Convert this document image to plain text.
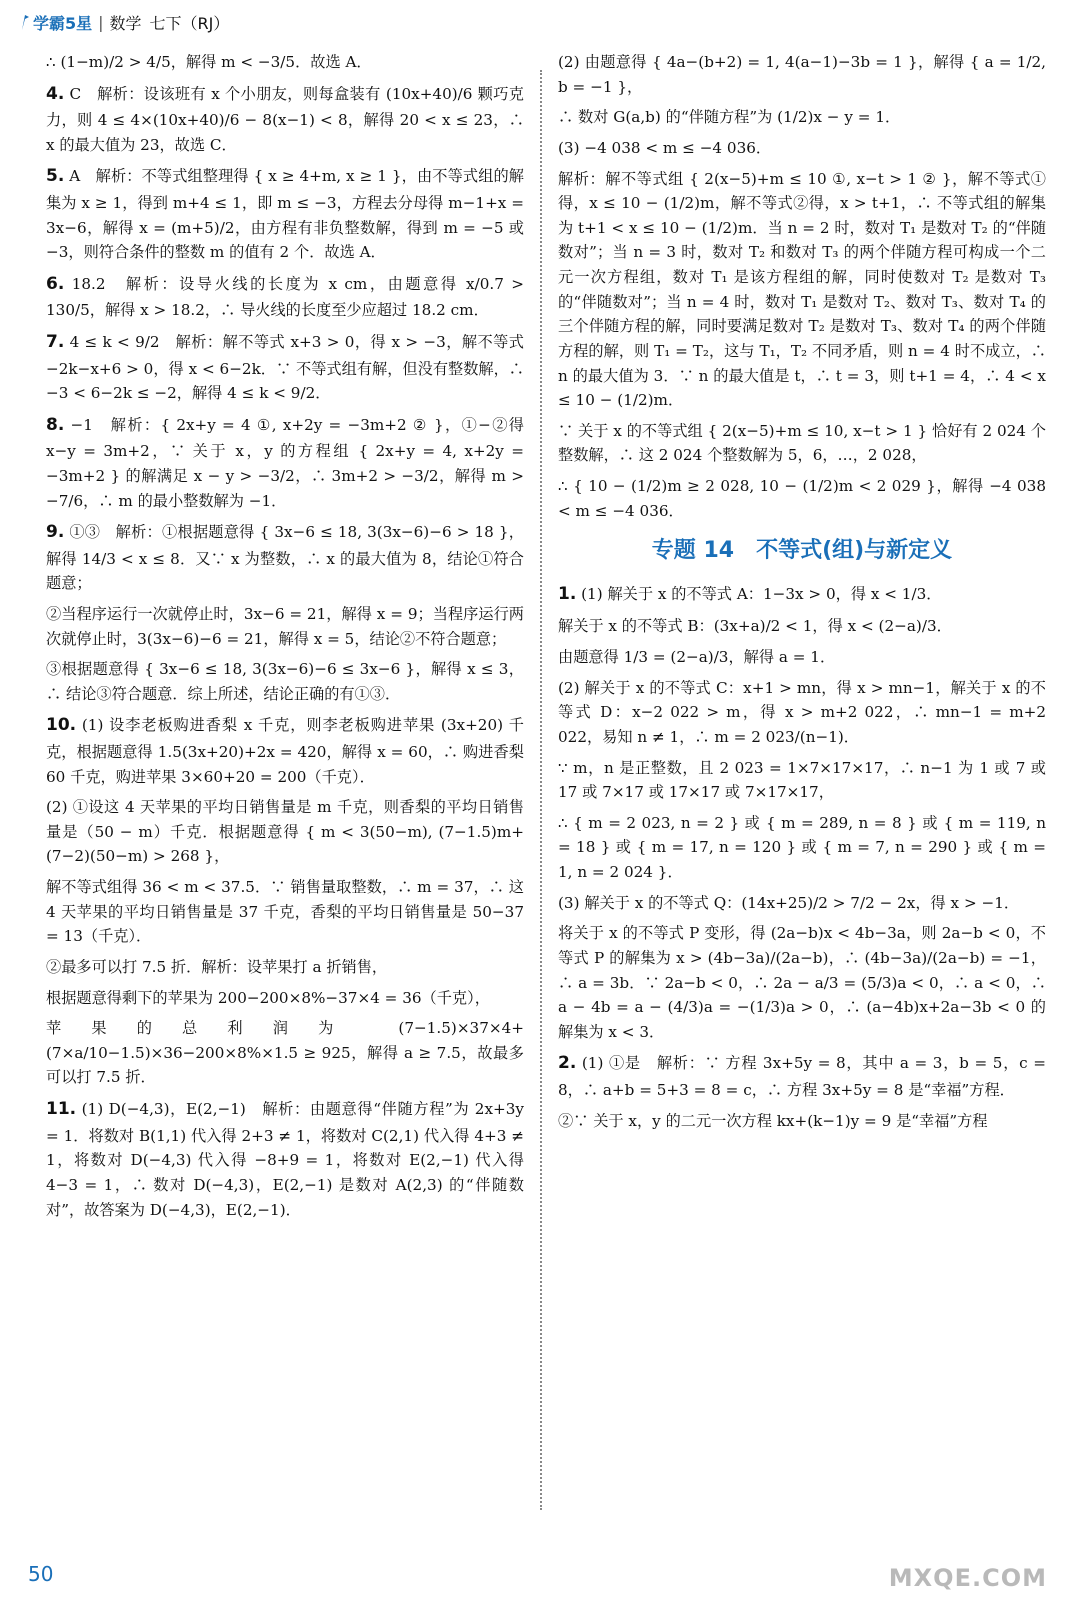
学霸5星 | 数学 七下（RJ）

∴ (1−m)/2 > 4/5，解得 m < −3/5．故选 A．

4. C　解析：设该班有 x 个小朋友，则每盒装有 (10x+40)/6 颗巧克力，则 4 ≤ 4×(10x+40)/6 − 8(x−1) < 8，解得 20 < x ≤ 23，∴ x 的最大值为 23，故选 C．

5. A　解析：不等式组整理得 { x ≥ 4+m, x ≥ 1 }，由不等式组的解集为 x ≥ 1，得到 m+4 ≤ 1，即 m ≤ −3，方程去分母得 m−1+x = 3x−6，解得 x = (m+5)/2，由方程有非负整数解，得到 m = −5 或 −3，则符合条件的整数 m 的值有 2 个．故选 A．

6. 18.2　解析：设导火线的长度为 x cm，由题意得 x/0.7 > 130/5，解得 x > 18.2，∴ 导火线的长度至少应超过 18.2 cm．

7. 4 ≤ k < 9/2　解析：解不等式 x+3 > 0，得 x > −3，解不等式 −2k−x+6 > 0，得 x < 6−2k．∵ 不等式组有解，但没有整数解，∴ −3 < 6−2k ≤ −2，解得 4 ≤ k < 9/2．

8. −1　解析：{ 2x+y = 4 ①, x+2y = −3m+2 ② }，①−②得 x−y = 3m+2，∵ 关于 x，y 的方程组 { 2x+y = 4, x+2y = −3m+2 } 的解满足 x − y > −3/2，∴ 3m+2 > −3/2，解得 m > −7/6，∴ m 的最小整数解为 −1．

9. ①③　解析：①根据题意得 { 3x−6 ≤ 18, 3(3x−6)−6 > 18 }，解得 14/3 < x ≤ 8．又∵ x 为整数，∴ x 的最大值为 8，结论①符合题意；

②当程序运行一次就停止时，3x−6 = 21，解得 x = 9；当程序运行两次就停止时，3(3x−6)−6 = 21，解得 x = 5，结论②不符合题意；

③根据题意得 { 3x−6 ≤ 18, 3(3x−6)−6 ≤ 3x−6 }，解得 x ≤ 3，∴ 结论③符合题意．综上所述，结论正确的有①③．

10. (1) 设李老板购进香梨 x 千克，则李老板购进苹果 (3x+20) 千克，根据题意得 1.5(3x+20)+2x = 420，解得 x = 60，∴ 购进香梨 60 千克，购进苹果 3×60+20 = 200（千克）．

(2) ①设这 4 天苹果的平均日销售量是 m 千克，则香梨的平均日销售量是（50 − m）千克．根据题意得 { m < 3(50−m), (7−1.5)m+(7−2)(50−m) > 268 }，

解不等式组得 36 < m < 37.5．∵ 销售量取整数，∴ m = 37，∴ 这 4 天苹果的平均日销售量是 37 千克，香梨的平均日销售量是 50−37 = 13（千克）．

②最多可以打 7.5 折．解析：设苹果打 a 折销售，

根据题意得剩下的苹果为 200−200×8%−37×4 = 36（千克），

苹果的总利润为 (7−1.5)×37×4+(7×a/10−1.5)×36−200×8%×1.5 ≥ 925，解得 a ≥ 7.5，故最多可以打 7.5 折．

11. (1) D(−4,3)，E(2,−1)　解析：由题意得“伴随方程”为 2x+3y = 1．将数对 B(1,1) 代入得 2+3 ≠ 1，将数对 C(2,1) 代入得 4+3 ≠ 1，将数对 D(−4,3) 代入得 −8+9 = 1，将数对 E(2,−1) 代入得 4−3 = 1，∴ 数对 D(−4,3)，E(2,−1) 是数对 A(2,3) 的“伴随数对”，故答案为 D(−4,3)，E(2,−1)．

(2) 由题意得 { 4a−(b+2) = 1, 4(a−1)−3b = 1 }，解得 { a = 1/2, b = −1 }，

∴ 数对 G(a,b) 的“伴随方程”为 (1/2)x − y = 1．

(3) −4 038 < m ≤ −4 036．

解析：解不等式组 { 2(x−5)+m ≤ 10 ①, x−t > 1 ② }，解不等式①得，x ≤ 10 − (1/2)m，解不等式②得，x > t+1，∴ 不等式组的解集为 t+1 < x ≤ 10 − (1/2)m．当 n = 2 时，数对 T₁ 是数对 T₂ 的“伴随数对”；当 n = 3 时，数对 T₂ 和数对 T₃ 的两个伴随方程可构成一个二元一次方程组，数对 T₁ 是该方程组的解，同时使数对 T₂ 是数对 T₃ 的“伴随数对”；当 n = 4 时，数对 T₁ 是数对 T₂、数对 T₃、数对 T₄ 的三个伴随方程的解，同时要满足数对 T₂ 是数对 T₃、数对 T₄ 的两个伴随方程的解，则 T₁ = T₂，这与 T₁，T₂ 不同矛盾，则 n = 4 时不成立，∴ n 的最大值为 3．∵ n 的最大值是 t，∴ t = 3，则 t+1 = 4，∴ 4 < x ≤ 10 − (1/2)m．

∵ 关于 x 的不等式组 { 2(x−5)+m ≤ 10, x−t > 1 } 恰好有 2 024 个整数解，∴ 这 2 024 个整数解为 5，6，…，2 028，

∴ { 10 − (1/2)m ≥ 2 028, 10 − (1/2)m < 2 029 }，解得 −4 038 < m ≤ −4 036．

专题 14　不等式(组)与新定义

1. (1) 解关于 x 的不等式 A：1−3x > 0，得 x < 1/3．

解关于 x 的不等式 B：(3x+a)/2 < 1，得 x < (2−a)/3．

由题意得 1/3 = (2−a)/3，解得 a = 1．

(2) 解关于 x 的不等式 C：x+1 > mn，得 x > mn−1，解关于 x 的不等式 D：x−2 022 > m，得 x > m+2 022，∴ mn−1 = m+2 022，易知 n ≠ 1，∴ m = 2 023/(n−1)．

∵ m，n 是正整数，且 2 023 = 1×7×17×17，∴ n−1 为 1 或 7 或 17 或 7×17 或 17×17 或 7×17×17，

∴ { m = 2 023, n = 2 } 或 { m = 289, n = 8 } 或 { m = 119, n = 18 } 或 { m = 17, n = 120 } 或 { m = 7, n = 290 } 或 { m = 1, n = 2 024 }．

(3) 解关于 x 的不等式 Q：(14x+25)/2 > 7/2 − 2x，得 x > −1．

将关于 x 的不等式 P 变形，得 (2a−b)x < 4b−3a，则 2a−b < 0，不等式 P 的解集为 x > (4b−3a)/(2a−b)，∴ (4b−3a)/(2a−b) = −1，∴ a = 3b．∵ 2a−b < 0，∴ 2a − a/3 = (5/3)a < 0，∴ a < 0，∴ a − 4b = a − (4/3)a = −(1/3)a > 0，∴ (a−4b)x+2a−3b < 0 的解集为 x < 3．

2. (1) ①是　解析：∵ 方程 3x+5y = 8，其中 a = 3，b = 5，c = 8，∴ a+b = 5+3 = 8 = c，∴ 方程 3x+5y = 8 是“幸福”方程．

②∵ 关于 x，y 的二元一次方程 kx+(k−1)y = 9 是“幸福”方程

50	MXQE.COM
